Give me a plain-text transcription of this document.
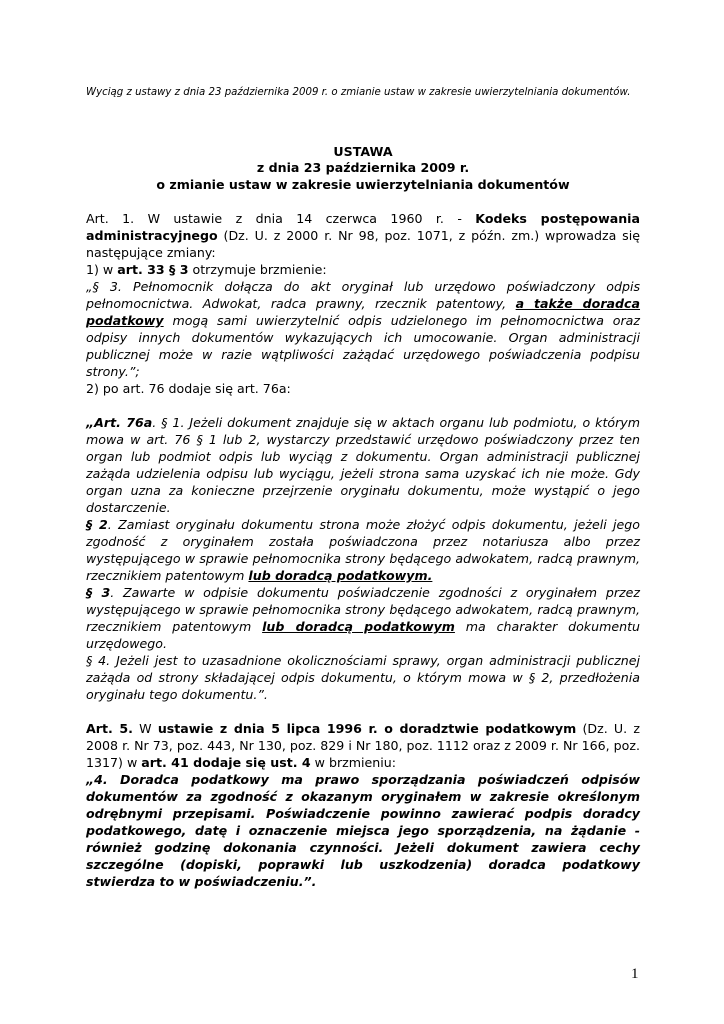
Wyciąg z ustawy z dnia 23 października 2009 r. o zmianie ustaw w zakresie uwierzytelniania dokumentów.

USTAWA
z dnia 23 października 2009 r.
o zmianie ustaw w zakresie uwierzytelniania dokumentów

Art. 1. W ustawie z dnia 14 czerwca 1960 r. - Kodeks postępowania administracyjnego (Dz. U. z 2000 r. Nr 98, poz. 1071, z późn. zm.) wprowadza się następujące zmiany:

1) w art. 33 § 3 otrzymuje brzmienie:

„§ 3. Pełnomocnik dołącza do akt oryginał lub urzędowo poświadczony odpis pełnomocnictwa. Adwokat, radca prawny, rzecznik patentowy, a także doradca podatkowy mogą sami uwierzytelnić odpis udzielonego im pełnomocnictwa oraz odpisy innych dokumentów wykazujących ich umocowanie. Organ administracji publicznej może w razie wątpliwości zażądać urzędowego poświadczenia podpisu strony.”;

2) po art. 76 dodaje się art. 76a:

„Art. 76a. § 1. Jeżeli dokument znajduje się w aktach organu lub podmiotu, o którym mowa w art. 76 § 1 lub 2, wystarczy przedstawić urzędowo poświadczony przez ten organ lub podmiot odpis lub wyciąg z dokumentu. Organ administracji publicznej zażąda udzielenia odpisu lub wyciągu, jeżeli strona sama uzyskać ich nie może. Gdy organ uzna za konieczne przejrzenie oryginału dokumentu, może wystąpić o jego dostarczenie.

§ 2. Zamiast oryginału dokumentu strona może złożyć odpis dokumentu, jeżeli jego zgodność z oryginałem została poświadczona przez notariusza albo przez występującego w sprawie pełnomocnika strony będącego adwokatem, radcą prawnym, rzecznikiem patentowym lub doradcą podatkowym.

§ 3. Zawarte w odpisie dokumentu poświadczenie zgodności z oryginałem przez występującego w sprawie pełnomocnika strony będącego adwokatem, radcą prawnym, rzecznikiem patentowym lub doradcą podatkowym ma charakter dokumentu urzędowego.

§ 4. Jeżeli jest to uzasadnione okolicznościami sprawy, organ administracji publicznej zażąda od strony składającej odpis dokumentu, o którym mowa w § 2, przedłożenia oryginału tego dokumentu.”.

Art. 5. W ustawie z dnia 5 lipca 1996 r. o doradztwie podatkowym (Dz. U. z 2008 r. Nr 73, poz. 443, Nr 130, poz. 829 i Nr 180, poz. 1112 oraz z 2009 r. Nr 166, poz. 1317) w art. 41 dodaje się ust. 4 w brzmieniu:

„4. Doradca podatkowy ma prawo sporządzania poświadczeń odpisów dokumentów za zgodność z okazanym oryginałem w zakresie określonym odrębnymi przepisami. Poświadczenie powinno zawierać podpis doradcy podatkowego, datę i oznaczenie miejsca jego sporządzenia, na żądanie - również godzinę dokonania czynności. Jeżeli dokument zawiera cechy szczególne (dopiski, poprawki lub uszkodzenia) doradca podatkowy stwierdza to w poświadczeniu.”.

1
